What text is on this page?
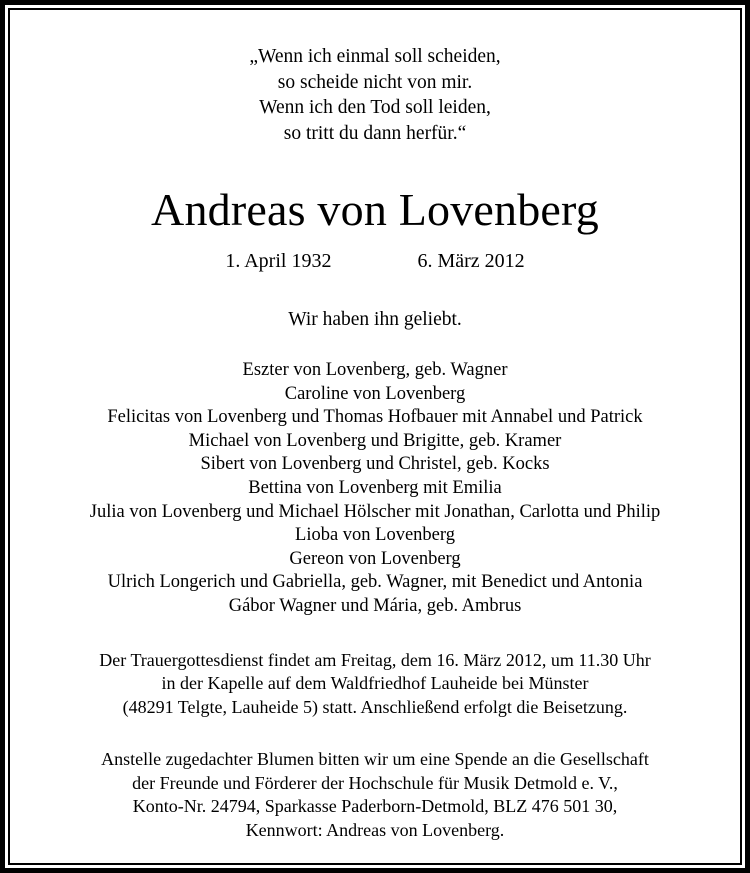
„Wenn ich einmal soll scheiden,
so scheide nicht von mir.
Wenn ich den Tod soll leiden,
so tritt du dann herfür.“
Andreas von Lovenberg
1. April 1932	6. März 2012
Wir haben ihn geliebt.
Eszter von Lovenberg, geb. Wagner
Caroline von Lovenberg
Felicitas von Lovenberg und Thomas Hofbauer mit Annabel und Patrick
Michael von Lovenberg und Brigitte, geb. Kramer
Sibert von Lovenberg und Christel, geb. Kocks
Bettina von Lovenberg mit Emilia
Julia von Lovenberg und Michael Hölscher mit Jonathan, Carlotta und Philip
Lioba von Lovenberg
Gereon von Lovenberg
Ulrich Longerich und Gabriella, geb. Wagner, mit Benedict und Antonia
Gábor Wagner und Mária, geb. Ambrus
Der Trauergottesdienst findet am Freitag, dem 16. März 2012, um 11.30 Uhr
in der Kapelle auf dem Waldfriedhof Lauheide bei Münster
(48291 Telgte, Lauheide 5) statt. Anschließend erfolgt die Beisetzung.
Anstelle zugedachter Blumen bitten wir um eine Spende an die Gesellschaft
der Freunde und Förderer der Hochschule für Musik Detmold e. V.,
Konto-Nr. 24794, Sparkasse Paderborn-Detmold, BLZ 476 501 30,
Kennwort: Andreas von Lovenberg.
